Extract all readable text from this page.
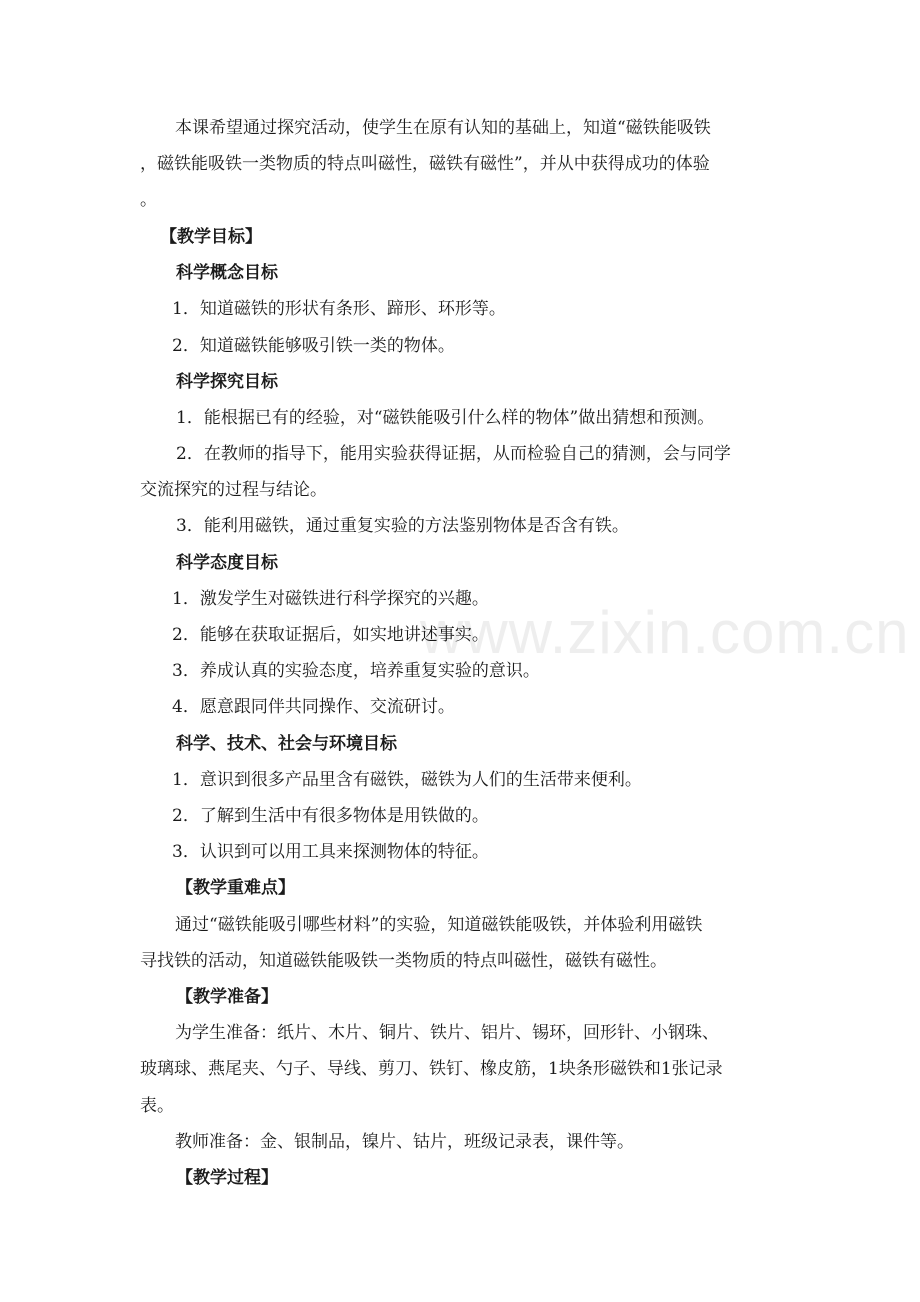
www.zixin.com.cn
本课希望通过探究活动，使学生在原有认知的基础上，知道“磁铁能吸铁
，磁铁能吸铁一类物质的特点叫磁性，磁铁有磁性”，并从中获得成功的体验
。
【教学目标】
科学概念目标
1．知道磁铁的形状有条形、蹄形、环形等。
2．知道磁铁能够吸引铁一类的物体。
科学探究目标
1．能根据已有的经验，对“磁铁能吸引什么样的物体”做出猜想和预测。
2．在教师的指导下，能用实验获得证据，从而检验自己的猜测，会与同学
交流探究的过程与结论。
3．能利用磁铁，通过重复实验的方法鉴别物体是否含有铁。
科学态度目标
1．激发学生对磁铁进行科学探究的兴趣。
2．能够在获取证据后，如实地讲述事实。
3．养成认真的实验态度，培养重复实验的意识。
4．愿意跟同伴共同操作、交流研讨。
科学、技术、社会与环境目标
1．意识到很多产品里含有磁铁，磁铁为人们的生活带来便利。
2．了解到生活中有很多物体是用铁做的。
3．认识到可以用工具来探测物体的特征。
【教学重难点】
通过“磁铁能吸引哪些材料”的实验，知道磁铁能吸铁，并体验利用磁铁
寻找铁的活动，知道磁铁能吸铁一类物质的特点叫磁性，磁铁有磁性。
【教学准备】
为学生准备：纸片、木片、铜片、铁片、铝片、锡环，回形针、小钢珠、
玻璃球、燕尾夹、勺子、导线、剪刀、铁钉、橡皮筋，1块条形磁铁和1张记录
表。
教师准备：金、银制品，镍片、钴片，班级记录表，课件等。
【教学过程】
